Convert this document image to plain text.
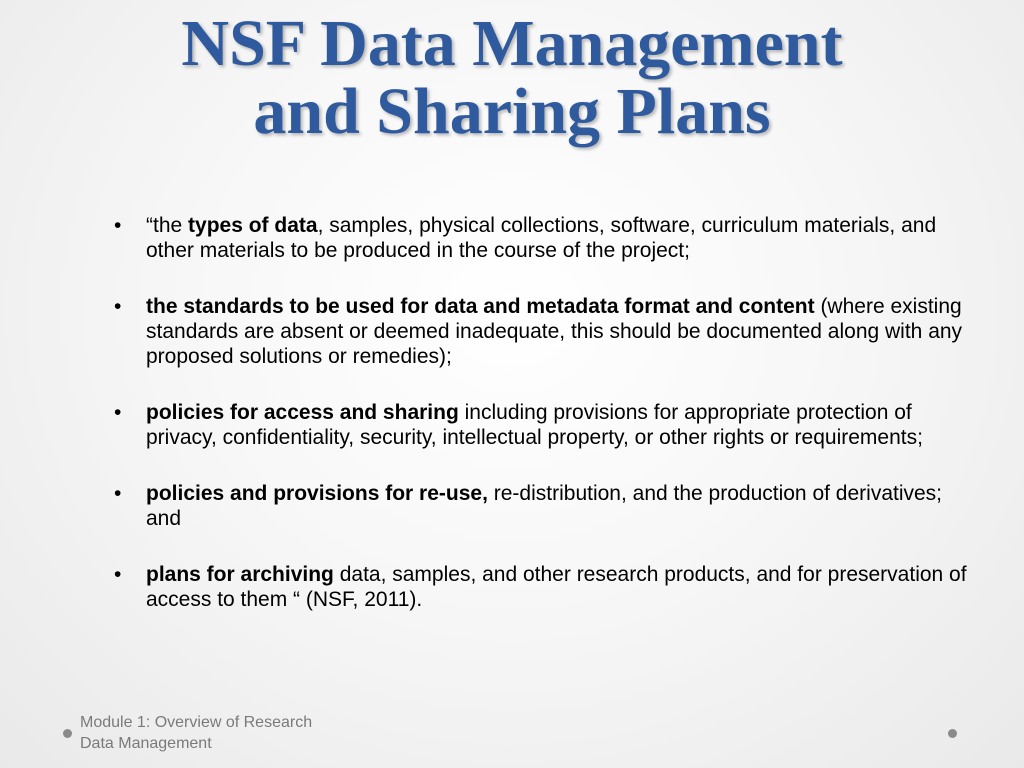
NSF Data Management
and Sharing Plans
• “the types of data, samples, physical collections, software, curriculum materials, and other materials to be produced in the course of the project;
• the standards to be used for data and metadata format and content (where existing standards are absent or deemed inadequate, this should be documented along with any proposed solutions or remedies);
• policies for access and sharing including provisions for appropriate protection of privacy, confidentiality, security, intellectual property, or other rights or requirements;
• policies and provisions for re-use, re-distribution, and the production of derivatives; and
• plans for archiving data, samples, and other research products, and for preservation of access to them “ (NSF, 2011).
Module 1: Overview of Research
Data Management
